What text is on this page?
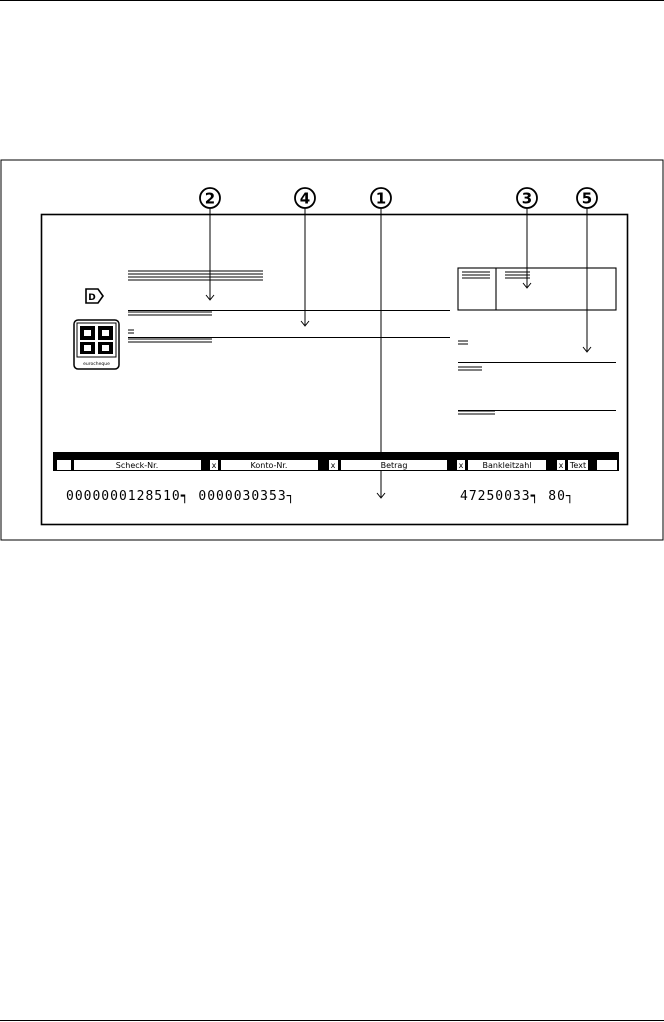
2	4	1	3	5
D
eurocheque
Scheck-Nr.	x	Konto-Nr.	x	Betrag	x Bankleitzahl	x Text
0000000128510┑ 0000030353┐	47250033┑ 80┐
